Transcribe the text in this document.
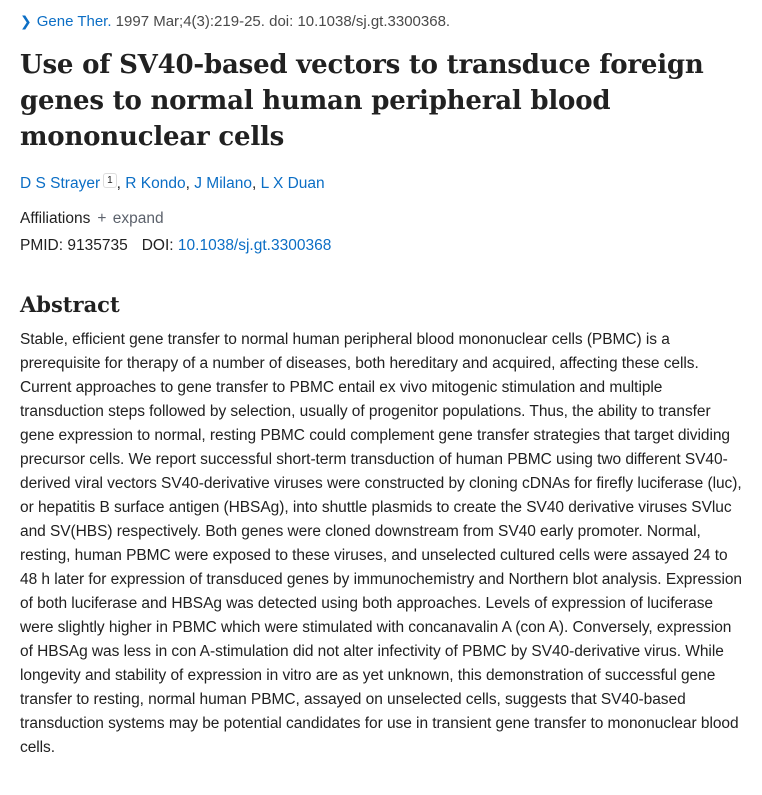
❯ Gene Ther. 1997 Mar;4(3):219-25. doi: 10.1038/sj.gt.3300368.
Use of SV40-based vectors to transduce foreign genes to normal human peripheral blood mononuclear cells
D S Strayer 1 , R Kondo, J Milano, L X Duan
Affiliations + expand
PMID: 9135735 DOI: 10.1038/sj.gt.3300368
Abstract
Stable, efficient gene transfer to normal human peripheral blood mononuclear cells (PBMC) is a prerequisite for therapy of a number of diseases, both hereditary and acquired, affecting these cells. Current approaches to gene transfer to PBMC entail ex vivo mitogenic stimulation and multiple transduction steps followed by selection, usually of progenitor populations. Thus, the ability to transfer gene expression to normal, resting PBMC could complement gene transfer strategies that target dividing precursor cells. We report successful short-term transduction of human PBMC using two different SV40-derived viral vectors SV40-derivative viruses were constructed by cloning cDNAs for firefly luciferase (luc), or hepatitis B surface antigen (HBSAg), into shuttle plasmids to create the SV40 derivative viruses SVluc and SV(HBS) respectively. Both genes were cloned downstream from SV40 early promoter. Normal, resting, human PBMC were exposed to these viruses, and unselected cultured cells were assayed 24 to 48 h later for expression of transduced genes by immunochemistry and Northern blot analysis. Expression of both luciferase and HBSAg was detected using both approaches. Levels of expression of luciferase were slightly higher in PBMC which were stimulated with concanavalin A (con A). Conversely, expression of HBSAg was less in con A-stimulation did not alter infectivity of PBMC by SV40-derivative virus. While longevity and stability of expression in vitro are as yet unknown, this demonstration of successful gene transfer to resting, normal human PBMC, assayed on unselected cells, suggests that SV40-based transduction systems may be potential candidates for use in transient gene transfer to mononuclear blood cells.
